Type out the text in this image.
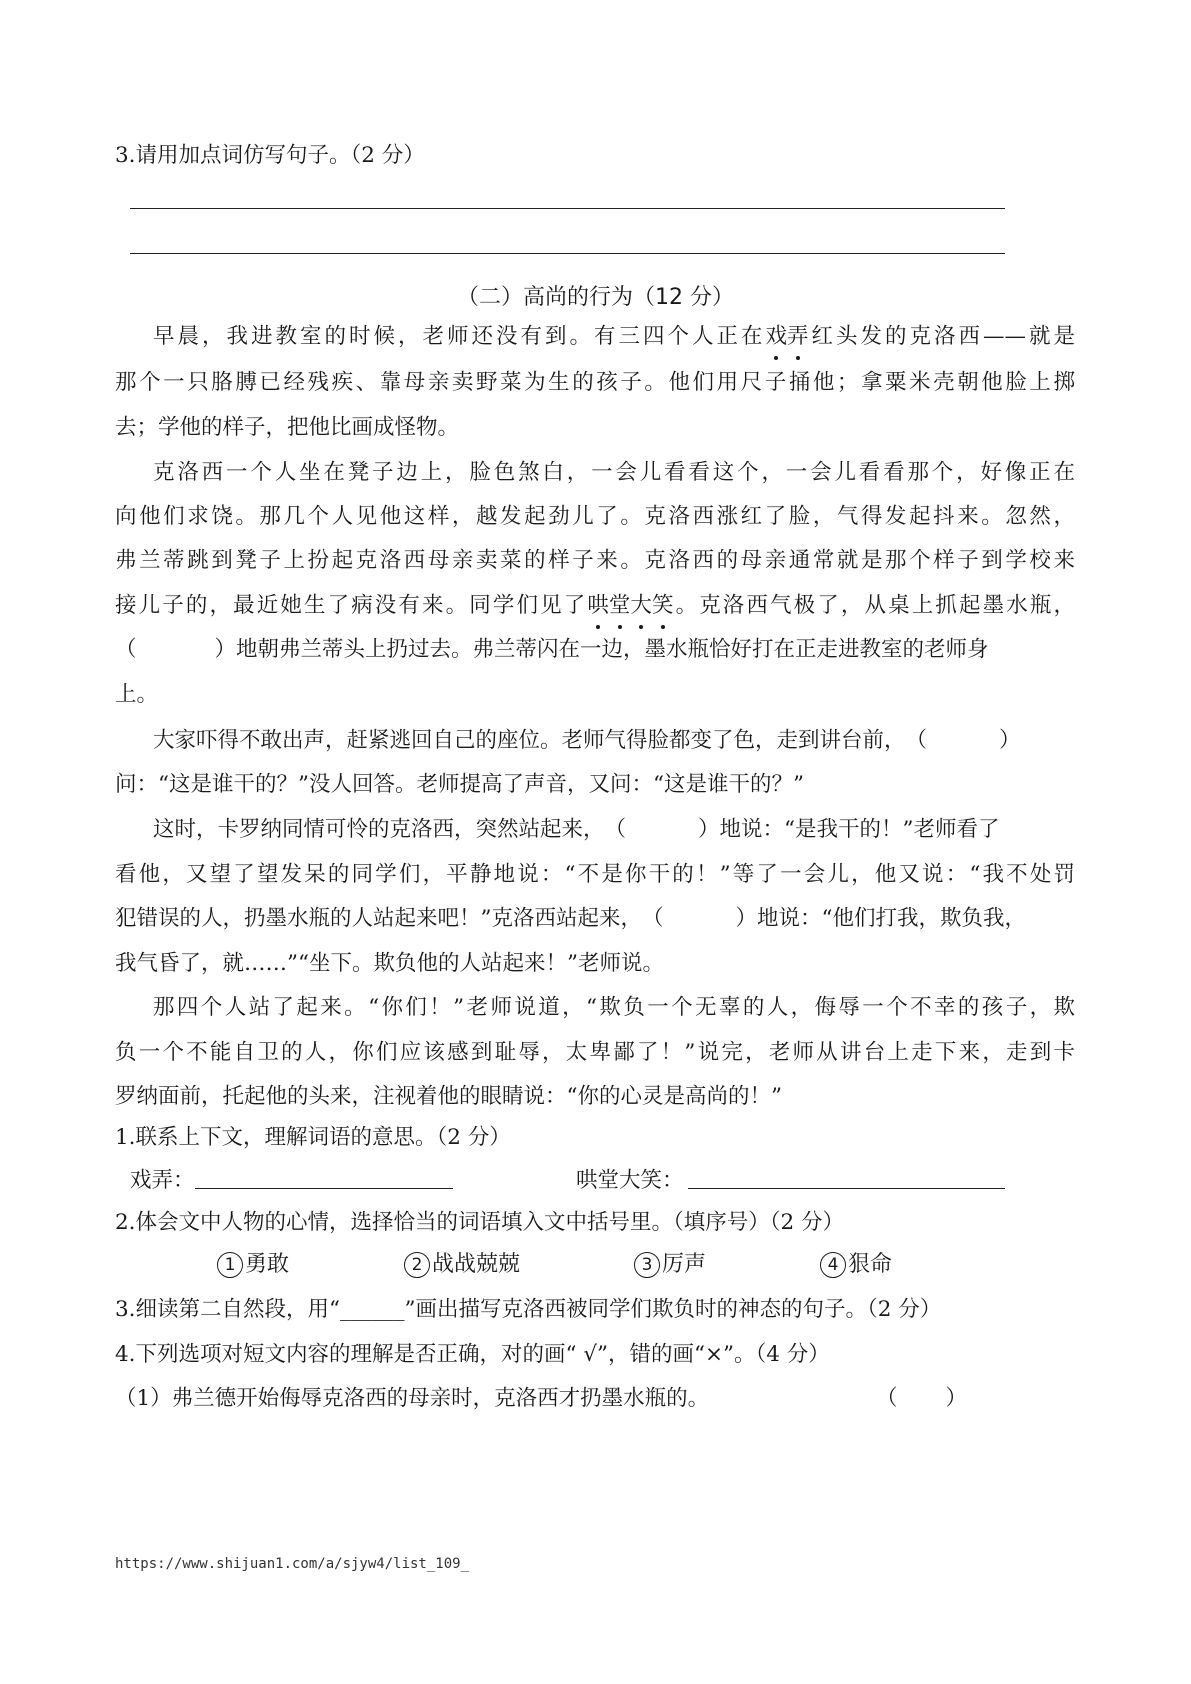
3.请用加点词仿写句子。（2 分）
（二）高尚的行为（12 分）
早晨，我进教室的时候，老师还没有到。有三四个人正在戏弄红头发的克洛西——就是
那个一只胳膊已经残疾、靠母亲卖野菜为生的孩子。他们用尺子捅他；拿粟米壳朝他脸上掷
去；学他的样子，把他比画成怪物。
克洛西一个人坐在凳子边上，脸色煞白，一会儿看看这个，一会儿看看那个，好像正在
向他们求饶。那几个人见他这样，越发起劲儿了。克洛西涨红了脸，气得发起抖来。忽然，
弗兰蒂跳到凳子上扮起克洛西母亲卖菜的样子来。克洛西的母亲通常就是那个样子到学校来
接儿子的，最近她生了病没有来。同学们见了哄堂大笑。克洛西气极了，从桌上抓起墨水瓶，
（	）地朝弗兰蒂头上扔过去。弗兰蒂闪在一边，墨水瓶恰好打在正走进教室的老师身
上。
大家吓得不敢出声，赶紧逃回自己的座位。老师气得脸都变了色，走到讲台前，（	）
问：“这是谁干的？”没人回答。老师提高了声音，又问：“这是谁干的？”
这时，卡罗纳同情可怜的克洛西，突然站起来，（	）地说：“是我干的！”老师看了
看他，又望了望发呆的同学们，平静地说：“不是你干的！”等了一会儿，他又说：“我不处罚
犯错误的人，扔墨水瓶的人站起来吧！”克洛西站起来，（	）地说：“他们打我，欺负我，
我气昏了，就……”“坐下。欺负他的人站起来！”老师说。
那四个人站了起来。“你们！”老师说道，“欺负一个无辜的人，侮辱一个不幸的孩子，欺
负一个不能自卫的人，你们应该感到耻辱，太卑鄙了！”说完，老师从讲台上走下来，走到卡
罗纳面前，托起他的头来，注视着他的眼睛说：“你的心灵是高尚的！”
1.联系上下文，理解词语的意思。（2 分）
戏弄：	哄堂大笑：
2.体会文中人物的心情，选择恰当的词语填入文中括号里。（填序号）（2 分）
1 勇敢	2 战战兢兢	3 厉声	4 狠命
3.细读第二自然段，用“______”画出描写克洛西被同学们欺负时的神态的句子。（2 分）
4.下列选项对短文内容的理解是否正确，对的画“ √”，错的画“×”。（4 分）
（1）弗兰德开始侮辱克洛西的母亲时，克洛西才扔墨水瓶的。	（ ）
https://www.shijuan1.com/a/sjyw4/list_109_
